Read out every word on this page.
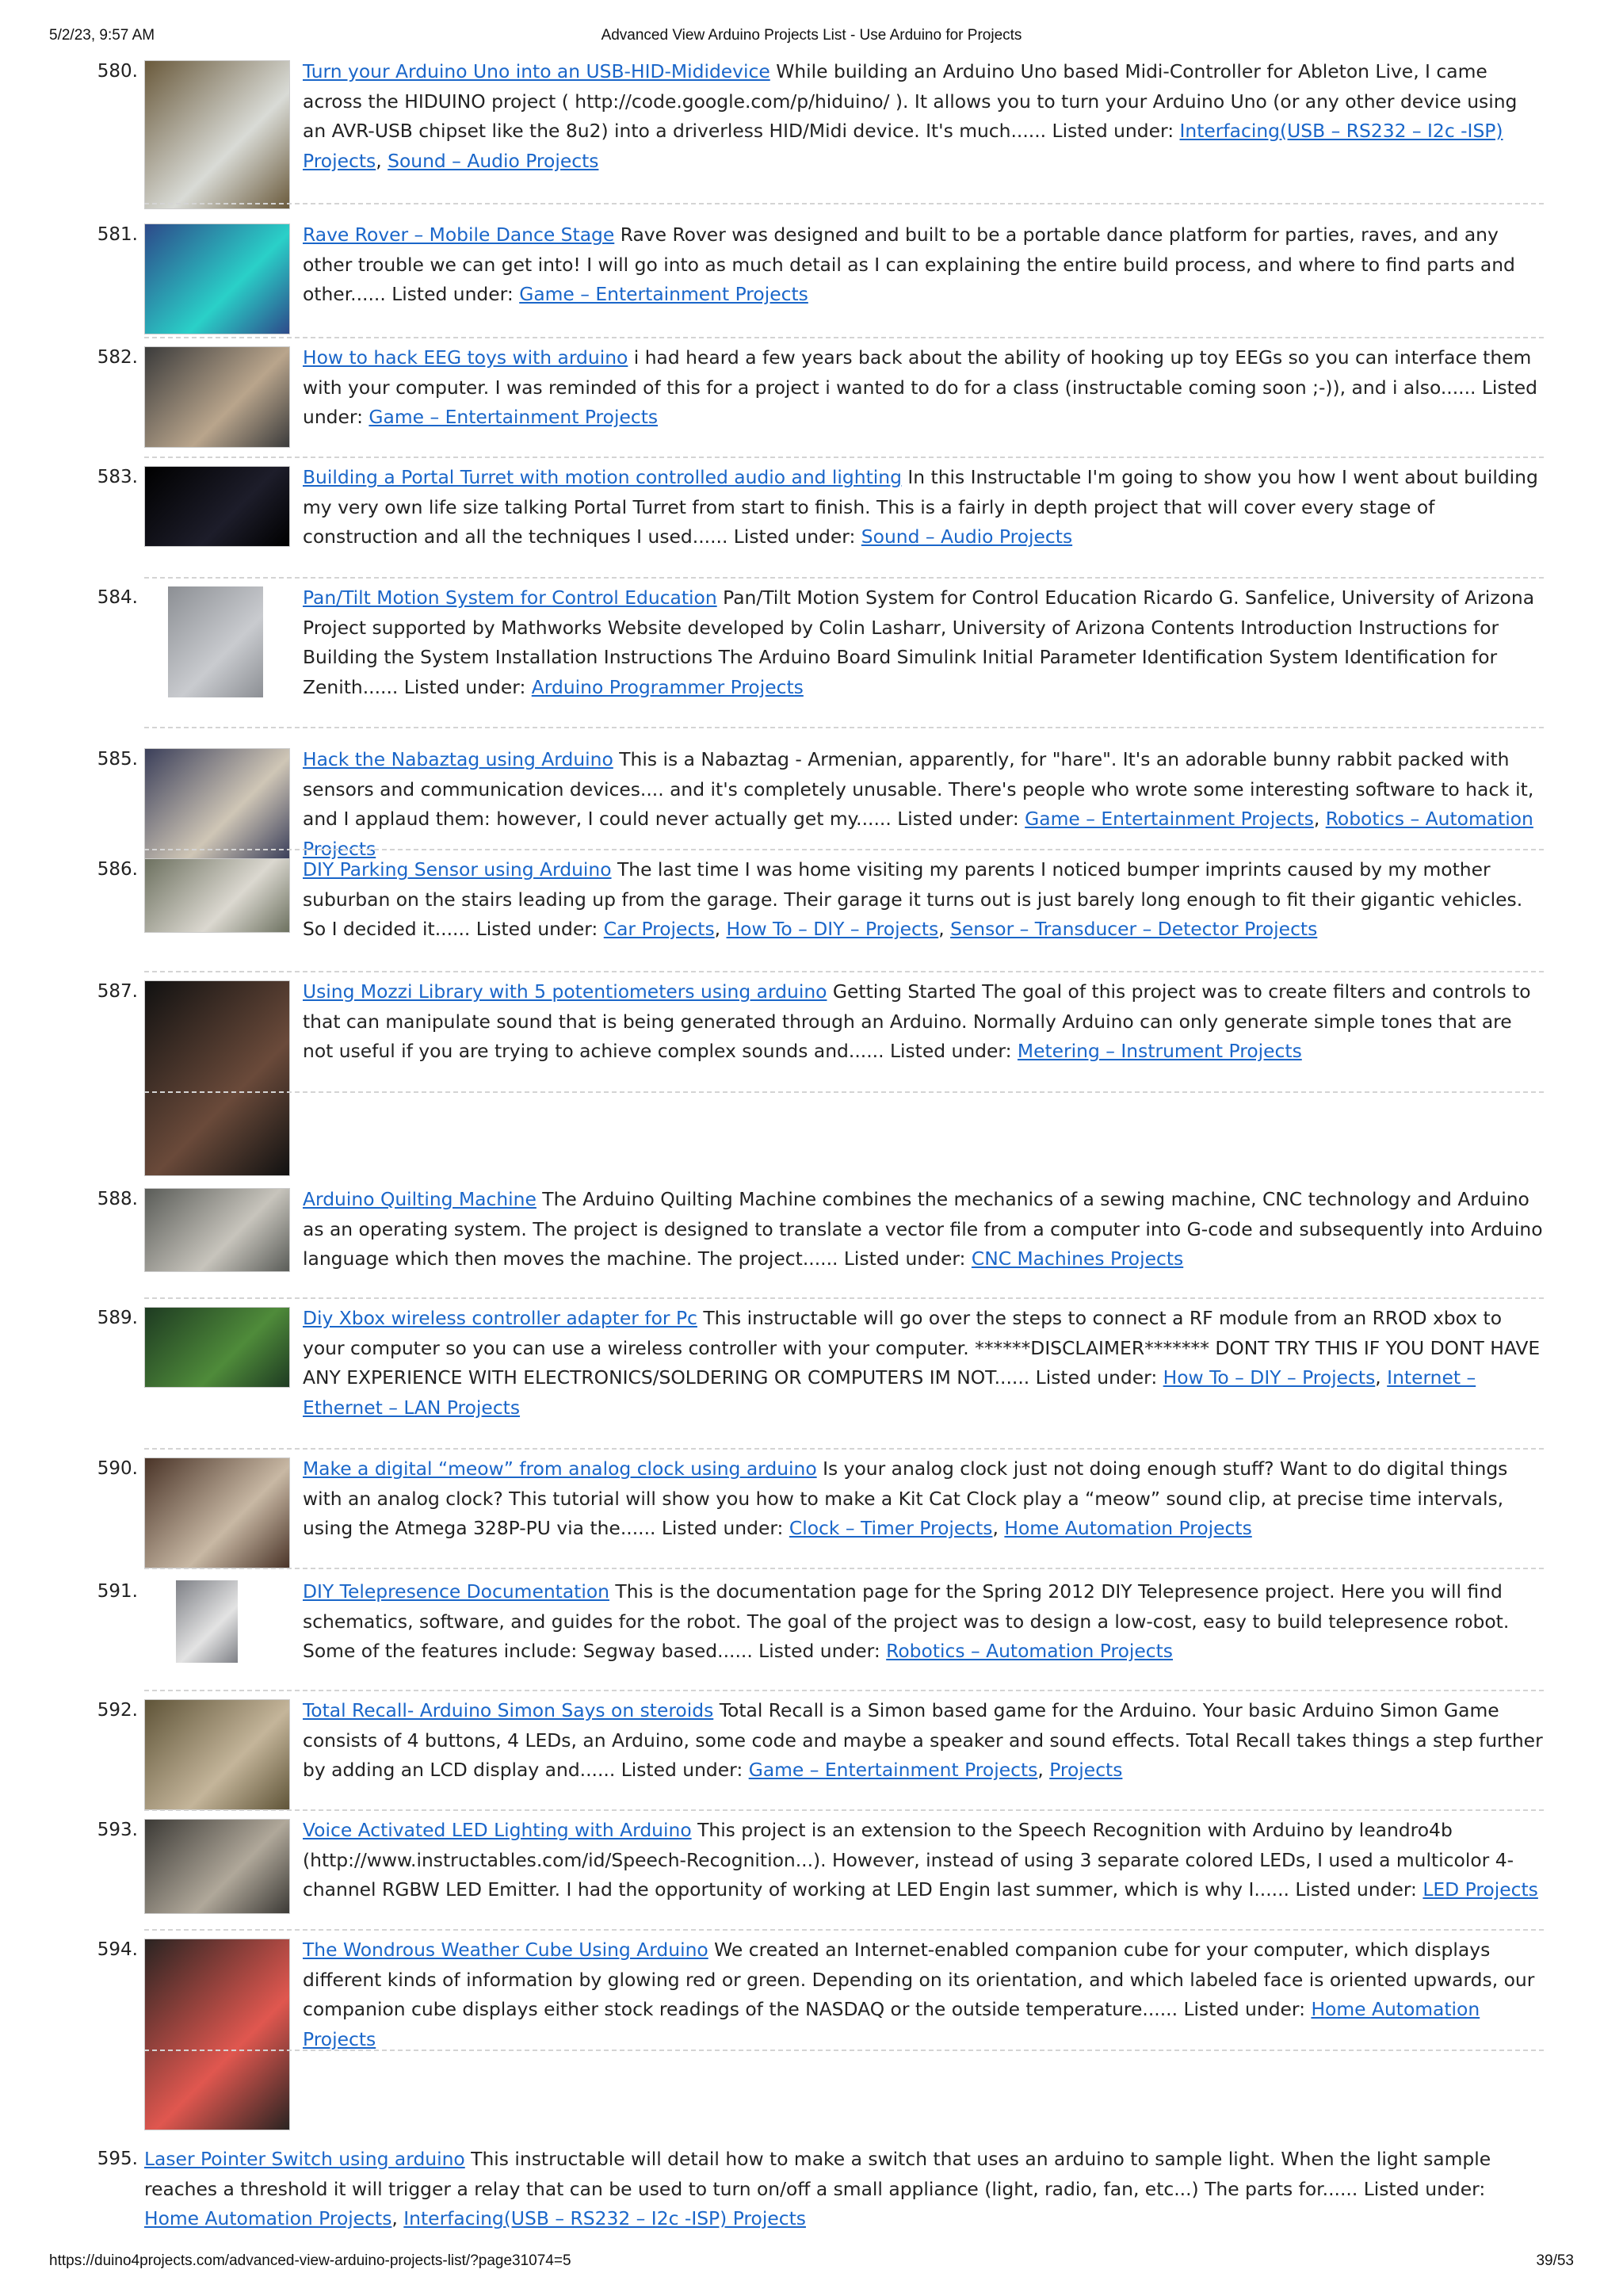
5/2/23, 9:57 AM	Advanced View Arduino Projects List - Use Arduino for Projects
580.	Turn your Arduino Uno into an USB-HID-Mididevice While building an Arduino Uno based Midi-Controller for Ableton Live, I came across the HIDUINO project ( http://code.google.com/p/hiduino/ ). It allows you to turn your Arduino Uno (or any other device using an AVR-USB chipset like the 8u2) into a driverless HID/Midi device. It's much...... Listed under: Interfacing(USB – RS232 – I2c -ISP) Projects, Sound – Audio Projects
581.	Rave Rover – Mobile Dance Stage Rave Rover was designed and built to be a portable dance platform for parties, raves, and any other trouble we can get into! I will go into as much detail as I can explaining the entire build process, and where to find parts and other...... Listed under: Game – Entertainment Projects
582.	How to hack EEG toys with arduino i had heard a few years back about the ability of hooking up toy EEGs so you can interface them with your computer. I was reminded of this for a project i wanted to do for a class (instructable coming soon ;-)), and i also...... Listed under: Game – Entertainment Projects
583.	Building a Portal Turret with motion controlled audio and lighting In this Instructable I'm going to show you how I went about building my very own life size talking Portal Turret from start to finish. This is a fairly in depth project that will cover every stage of construction and all the techniques I used...... Listed under: Sound – Audio Projects
584.	Pan/Tilt Motion System for Control Education Pan/Tilt Motion System for Control Education Ricardo G. Sanfelice, University of Arizona Project supported by Mathworks Website developed by Colin Lasharr, University of Arizona Contents Introduction Instructions for Building the System Installation Instructions The Arduino Board Simulink Initial Parameter Identification System Identification for Zenith...... Listed under: Arduino Programmer Projects
585.	Hack the Nabaztag using Arduino This is a Nabaztag - Armenian, apparently, for "hare". It's an adorable bunny rabbit packed with sensors and communication devices.... and it's completely unusable. There's people who wrote some interesting software to hack it, and I applaud them: however, I could never actually get my...... Listed under: Game – Entertainment Projects, Robotics – Automation Projects
586.	DIY Parking Sensor using Arduino The last time I was home visiting my parents I noticed bumper imprints caused by my mother suburban on the stairs leading up from the garage. Their garage it turns out is just barely long enough to fit their gigantic vehicles. So I decided it...... Listed under: Car Projects, How To – DIY – Projects, Sensor – Transducer – Detector Projects
587.	Using Mozzi Library with 5 potentiometers using arduino Getting Started The goal of this project was to create filters and controls to that can manipulate sound that is being generated through an Arduino. Normally Arduino can only generate simple tones that are not useful if you are trying to achieve complex sounds and...... Listed under: Metering – Instrument Projects
588.	Arduino Quilting Machine The Arduino Quilting Machine combines the mechanics of a sewing machine, CNC technology and Arduino as an operating system. The project is designed to translate a vector file from a computer into G-code and subsequently into Arduino language which then moves the machine. The project...... Listed under: CNC Machines Projects
589.	Diy Xbox wireless controller adapter for Pc This instructable will go over the steps to connect a RF module from an RROD xbox to your computer so you can use a wireless controller with your computer. ******DISCLAIMER******* DONT TRY THIS IF YOU DONT HAVE ANY EXPERIENCE WITH ELECTRONICS/SOLDERING OR COMPUTERS IM NOT...... Listed under: How To – DIY – Projects, Internet – Ethernet – LAN Projects
590.	Make a digital “meow” from analog clock using arduino Is your analog clock just not doing enough stuff? Want to do digital things with an analog clock? This tutorial will show you how to make a Kit Cat Clock play a “meow” sound clip, at precise time intervals, using the Atmega 328P-PU via the...... Listed under: Clock – Timer Projects, Home Automation Projects
591.	DIY Telepresence Documentation This is the documentation page for the Spring 2012 DIY Telepresence project. Here you will find schematics, software, and guides for the robot. The goal of the project was to design a low-cost, easy to build telepresence robot. Some of the features include: Segway based...... Listed under: Robotics – Automation Projects
592.	Total Recall- Arduino Simon Says on steroids Total Recall is a Simon based game for the Arduino. Your basic Arduino Simon Game consists of 4 buttons, 4 LEDs, an Arduino, some code and maybe a speaker and sound effects. Total Recall takes things a step further by adding an LCD display and...... Listed under: Game – Entertainment Projects, Projects
593.	Voice Activated LED Lighting with Arduino This project is an extension to the Speech Recognition with Arduino by leandro4b (http://www.instructables.com/id/Speech-Recognition...). However, instead of using 3 separate colored LEDs, I used a multicolor 4-channel RGBW LED Emitter. I had the opportunity of working at LED Engin last summer, which is why I...... Listed under: LED Projects
594.	The Wondrous Weather Cube Using Arduino We created an Internet-enabled companion cube for your computer, which displays different kinds of information by glowing red or green. Depending on its orientation, and which labeled face is oriented upwards, our companion cube displays either stock readings of the NASDAQ or the outside temperature...... Listed under: Home Automation Projects
595. Laser Pointer Switch using arduino This instructable will detail how to make a switch that uses an arduino to sample light. When the light sample reaches a threshold it will trigger a relay that can be used to turn on/off a small appliance (light, radio, fan, etc...) The parts for...... Listed under: Home Automation Projects, Interfacing(USB – RS232 – I2c -ISP) Projects
https://duino4projects.com/advanced-view-arduino-projects-list/?page31074=5	39/53
